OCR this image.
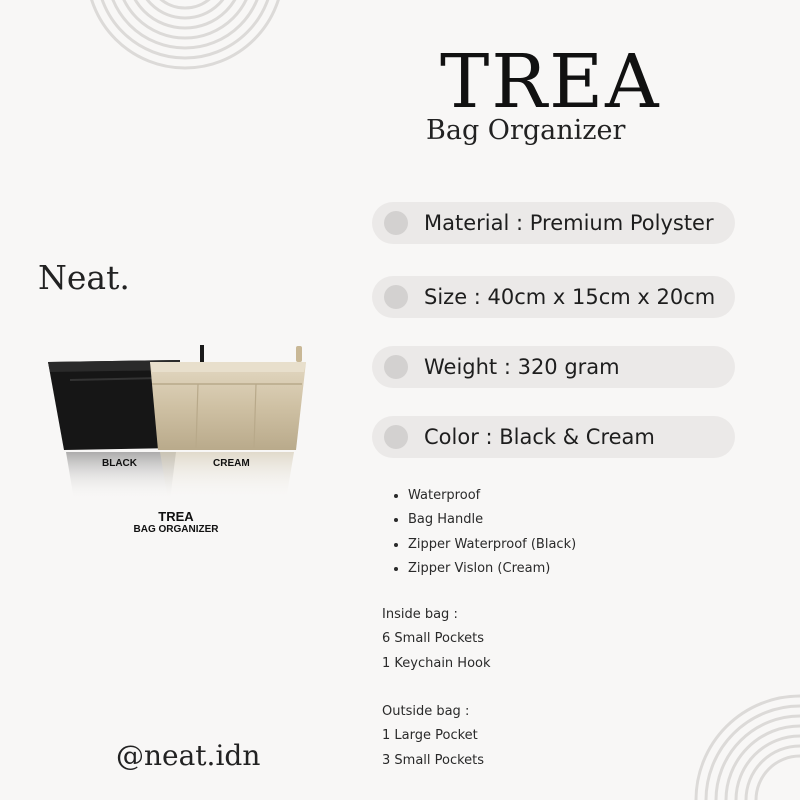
TREA
Bag Organizer
Neat.
BLACK	CREAM
TREA
BAG ORGANIZER
Material : Premium Polyster
Size : 40cm x 15cm x 20cm
Weight : 320 gram
Color : Black & Cream
• Waterproof
• Bag Handle
• Zipper Waterproof (Black)
• Zipper Vislon (Cream)
Inside bag :
6 Small Pockets
1 Keychain Hook
Outside bag :
1 Large Pocket
3 Small Pockets
@neat.idn
